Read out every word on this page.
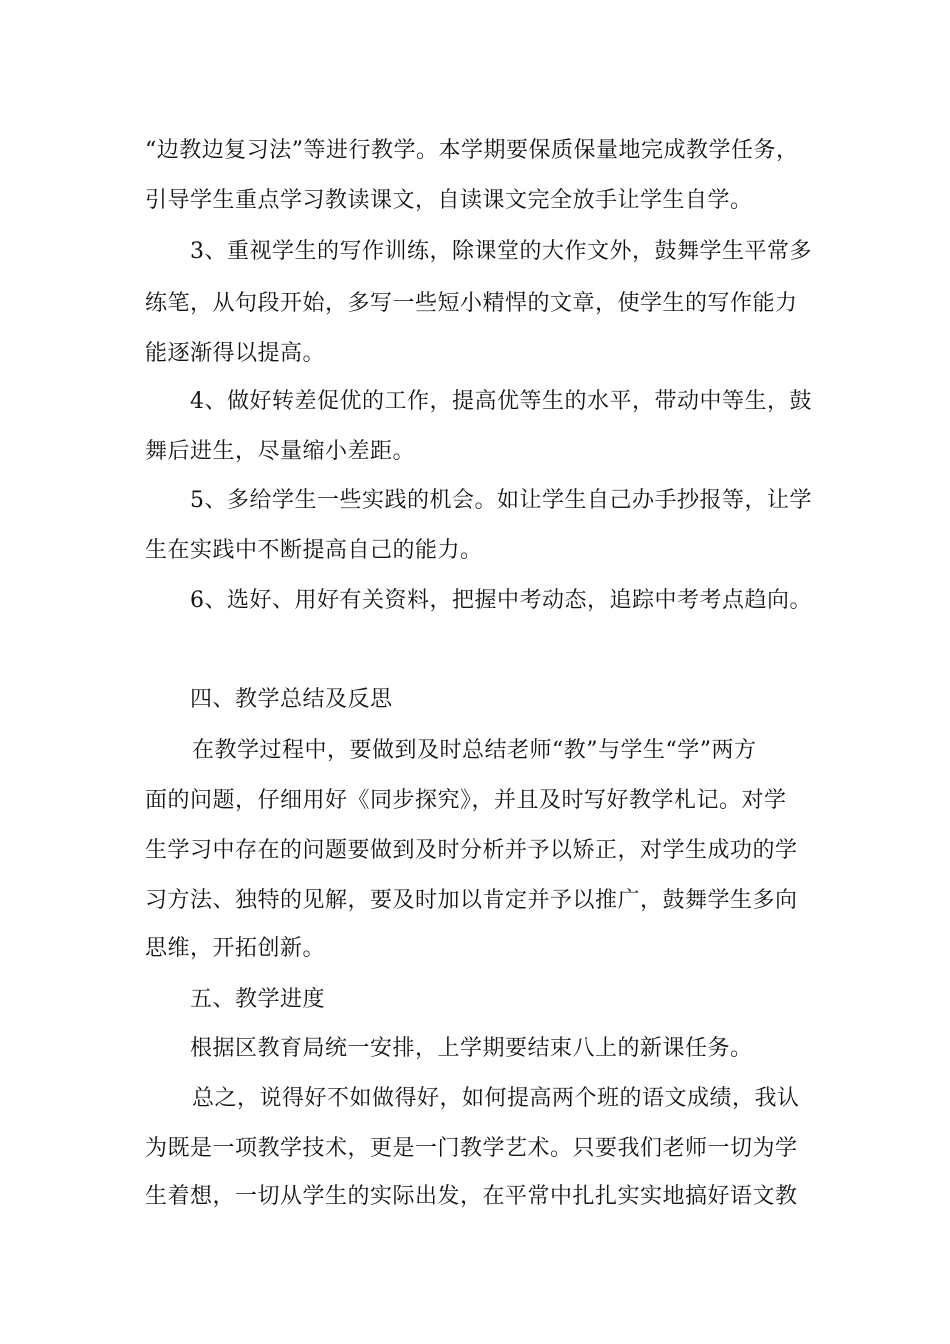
“边教边复习法”等进行教学。本学期要保质保量地完成教学任务，
引导学生重点学习教读课文，自读课文完全放手让学生自学。
3、重视学生的写作训练，除课堂的大作文外，鼓舞学生平常多
练笔，从句段开始，多写一些短小精悍的文章，使学生的写作能力
能逐渐得以提高。
4、做好转差促优的工作，提高优等生的水平，带动中等生，鼓
舞后进生，尽量缩小差距。
5、多给学生一些实践的机会。如让学生自己办手抄报等，让学
生在实践中不断提高自己的能力。
6、选好、用好有关资料，把握中考动态，追踪中考考点趋向。
四、教学总结及反思
在教学过程中，要做到及时总结老师“教”与学生“学”两方
面的问题，仔细用好《同步探究》，并且及时写好教学札记。对学
生学习中存在的问题要做到及时分析并予以矫正，对学生成功的学
习方法、独特的见解，要及时加以肯定并予以推广，鼓舞学生多向
思维，开拓创新。
五、教学进度
根据区教育局统一安排，上学期要结束八上的新课任务。
总之，说得好不如做得好，如何提高两个班的语文成绩，我认
为既是一项教学技术，更是一门教学艺术。只要我们老师一切为学
生着想，一切从学生的实际出发，在平常中扎扎实实地搞好语文教
